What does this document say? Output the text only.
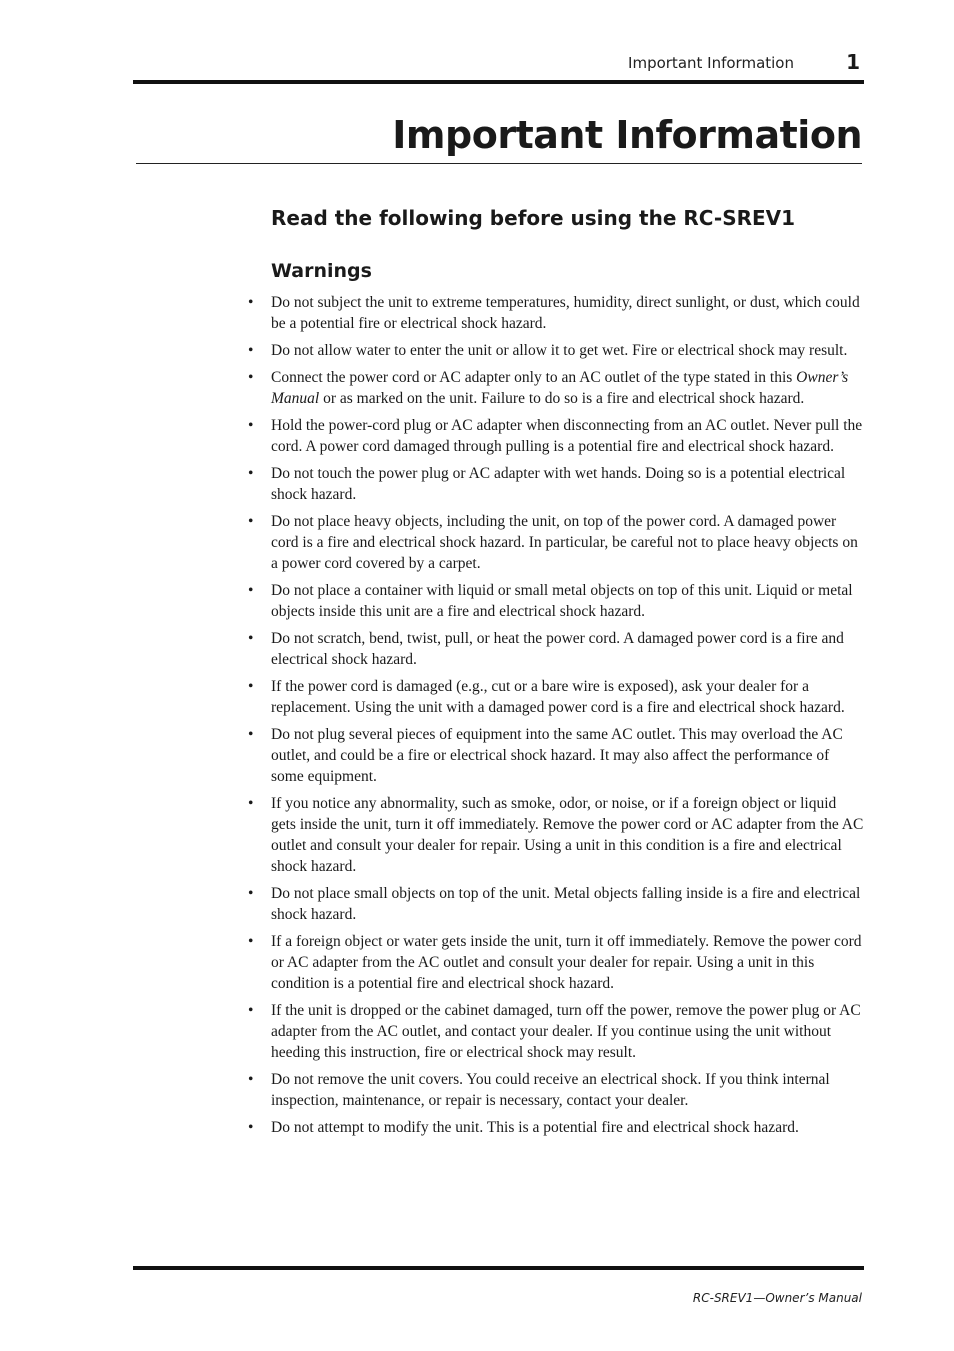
Important Information	1
Important Information
Read the following before using the RC-SREV1
Warnings
• Do not subject the unit to extreme temperatures, humidity, direct sunlight, or dust, which could be a potential fire or electrical shock hazard.
• Do not allow water to enter the unit or allow it to get wet. Fire or electrical shock may result.
• Connect the power cord or AC adapter only to an AC outlet of the type stated in this Owner’s Manual or as marked on the unit. Failure to do so is a fire and electrical shock hazard.
• Hold the power-cord plug or AC adapter when disconnecting from an AC outlet. Never pull the cord. A power cord damaged through pulling is a potential fire and electrical shock hazard.
• Do not touch the power plug or AC adapter with wet hands. Doing so is a potential electrical shock hazard.
• Do not place heavy objects, including the unit, on top of the power cord. A damaged power cord is a fire and electrical shock hazard. In particular, be careful not to place heavy objects on a power cord covered by a carpet.
• Do not place a container with liquid or small metal objects on top of this unit. Liquid or metal objects inside this unit are a fire and electrical shock hazard.
• Do not scratch, bend, twist, pull, or heat the power cord. A damaged power cord is a fire and electrical shock hazard.
• If the power cord is damaged (e.g., cut or a bare wire is exposed), ask your dealer for a replacement. Using the unit with a damaged power cord is a fire and electrical shock hazard.
• Do not plug several pieces of equipment into the same AC outlet. This may overload the AC outlet, and could be a fire or electrical shock hazard. It may also affect the performance of some equipment.
• If you notice any abnormality, such as smoke, odor, or noise, or if a foreign object or liquid gets inside the unit, turn it off immediately. Remove the power cord or AC adapter from the AC outlet and consult your dealer for repair. Using a unit in this condition is a fire and electrical shock hazard.
• Do not place small objects on top of the unit. Metal objects falling inside is a fire and electrical shock hazard.
• If a foreign object or water gets inside the unit, turn it off immediately. Remove the power cord or AC adapter from the AC outlet and consult your dealer for repair. Using a unit in this condition is a potential fire and electrical shock hazard.
• If the unit is dropped or the cabinet damaged, turn off the power, remove the power plug or AC adapter from the AC outlet, and contact your dealer. If you continue using the unit without heeding this instruction, fire or electrical shock may result.
• Do not remove the unit covers. You could receive an electrical shock. If you think internal inspection, maintenance, or repair is necessary, contact your dealer.
• Do not attempt to modify the unit. This is a potential fire and electrical shock hazard.
RC-SREV1—Owner’s Manual
